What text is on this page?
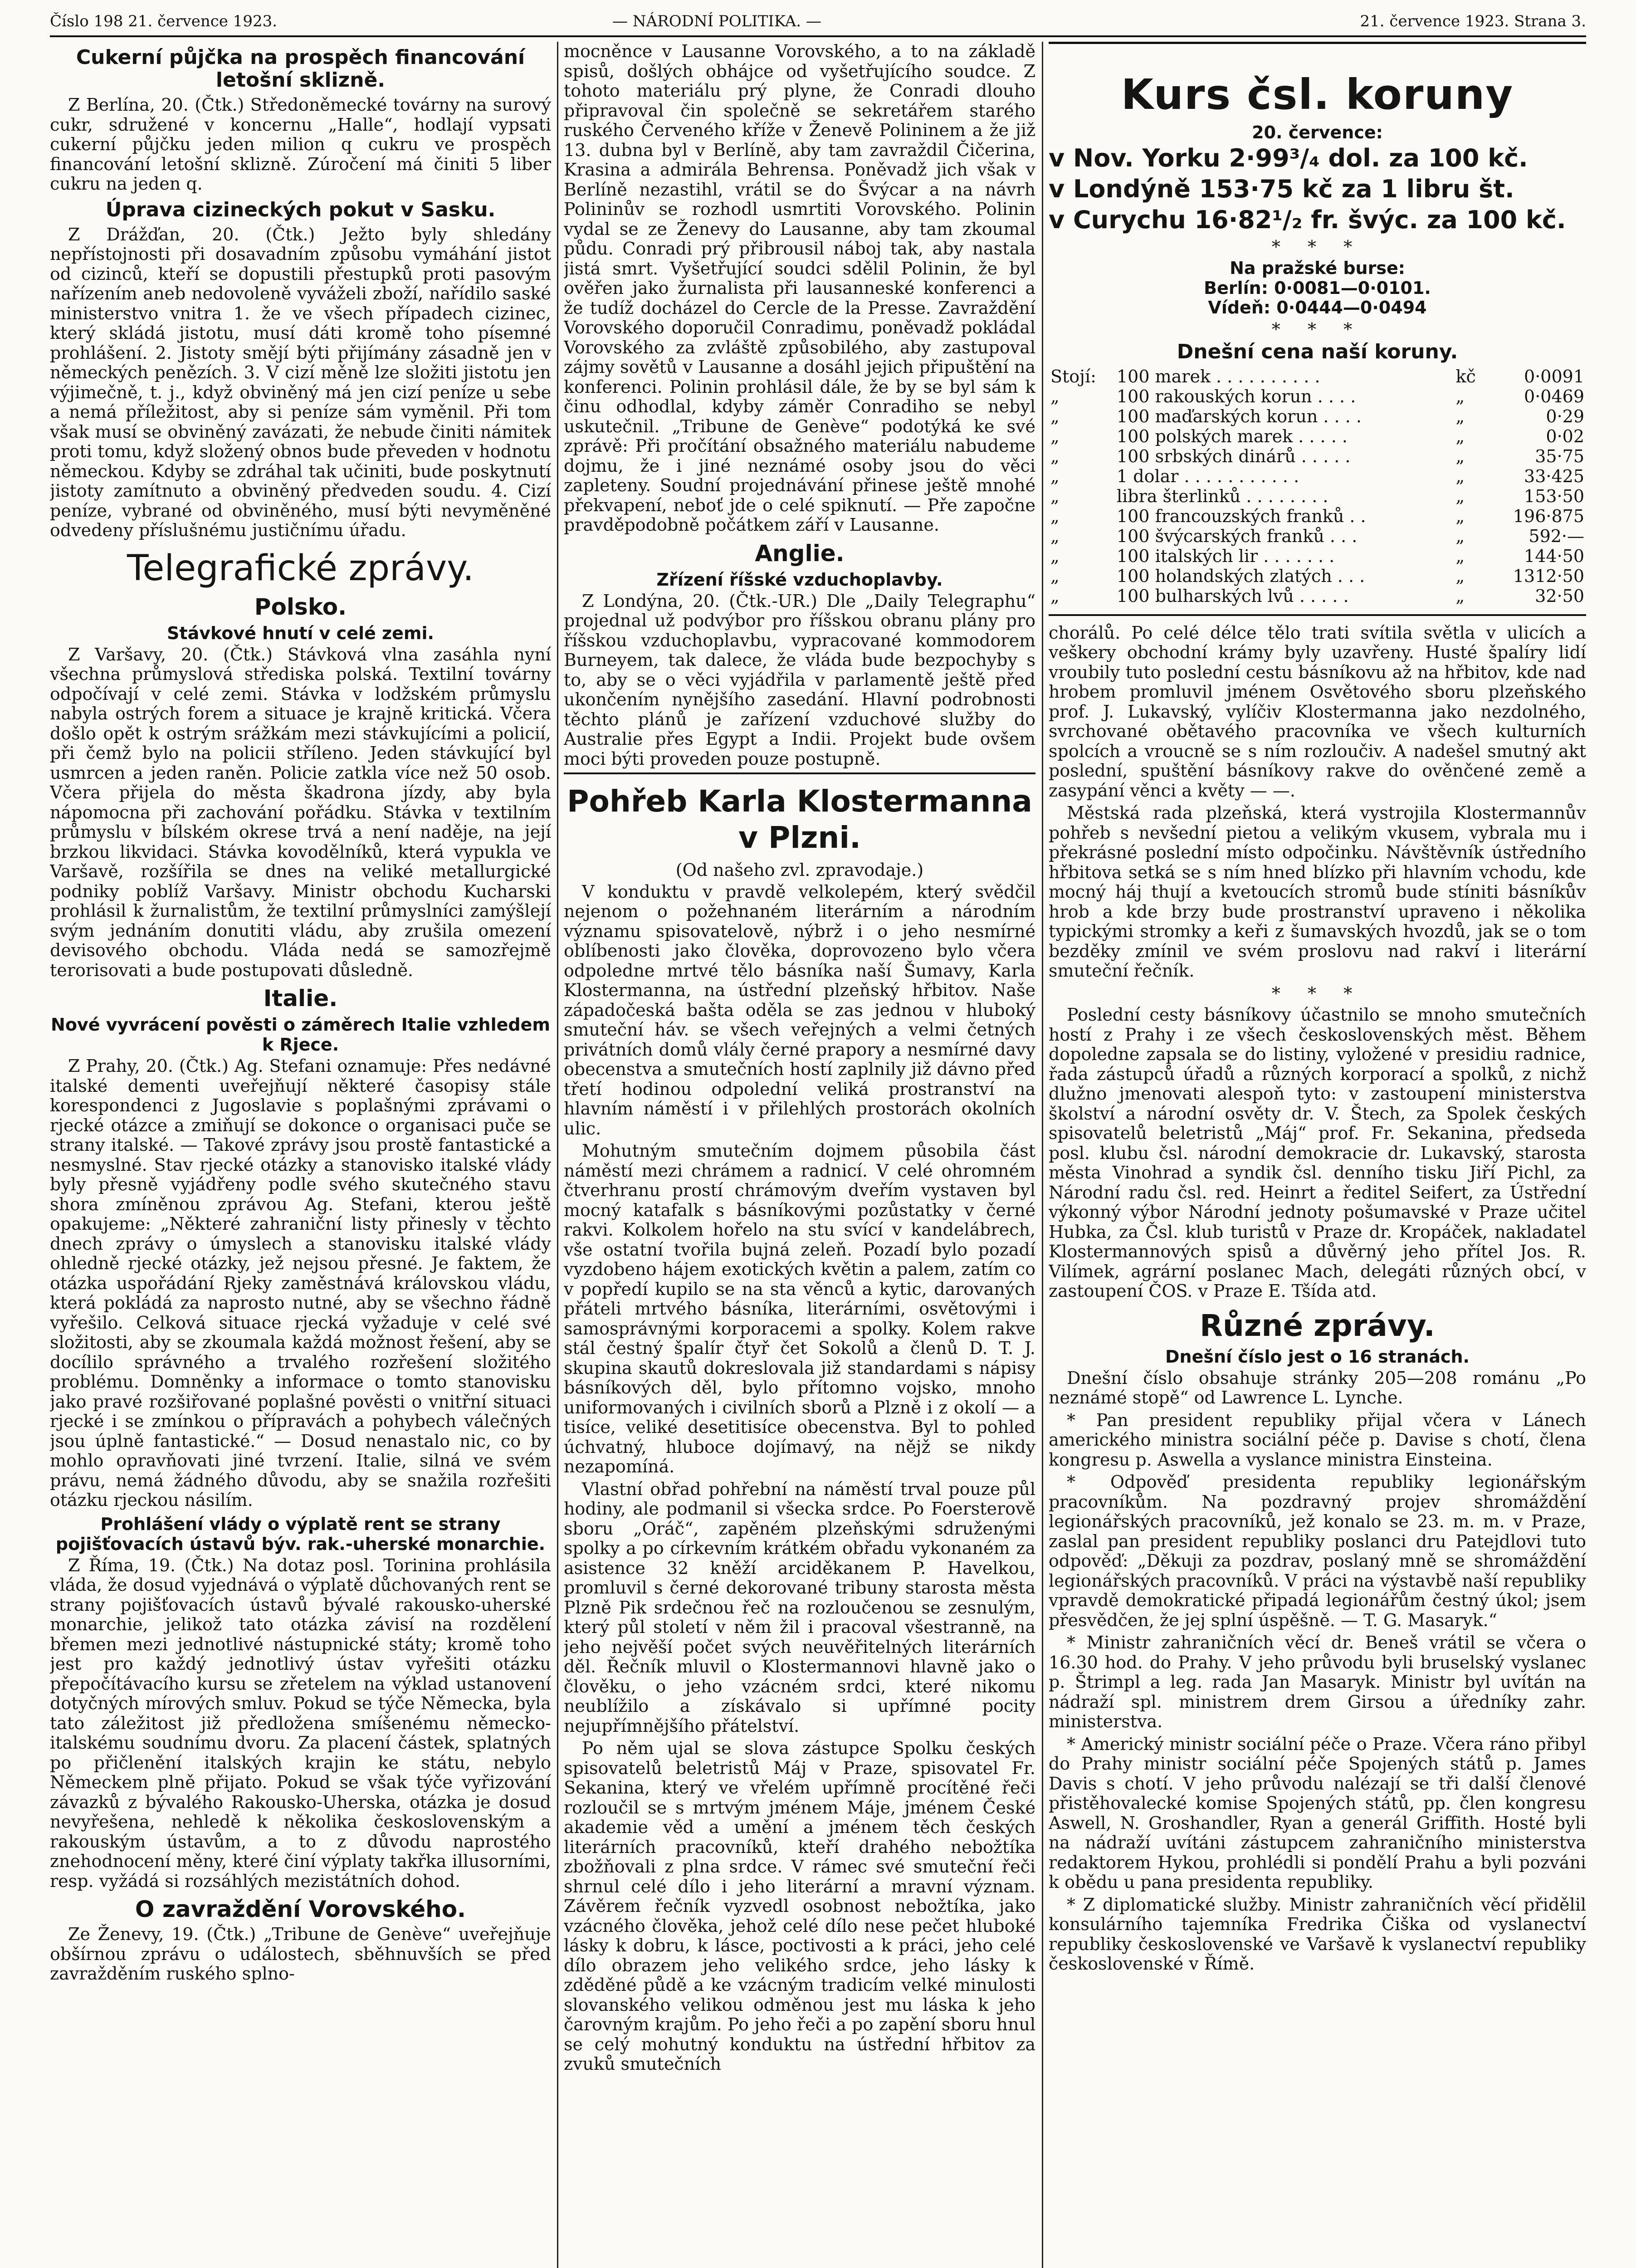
Číslo 198 21. července 1923.	— NÁRODNÍ POLITIKA. —	21. července 1923. Strana 3.
Cukerní půjčka na prospěch financování letošní sklizně.

Z Berlína, 20. (Čtk.) Středoněmecké továrny na surový cukr, sdružené v koncernu „Halle“, hodlají vypsati cukerní půjčku jeden milion q cukru ve prospěch financování letošní sklizně. Zúročení má činiti 5 liber cukru na jeden q.

Úprava cizineckých pokut v Sasku.

Z Drážďan, 20. (Čtk.) Ježto byly shledány nepřístojnosti při dosavadním způsobu vymáhání jistot od cizinců, kteří se dopustili přestupků proti pasovým nařízením aneb nedovoleně vyváželi zboží, nařídilo saské ministerstvo vnitra 1. že ve všech případech cizinec, který skládá jistotu, musí dáti kromě toho písemné prohlášení. 2. Jistoty smějí býti přijímány zásadně jen v německých penězích. 3. V cizí měně lze složiti jistotu jen výjimečně, t. j., když obviněný má jen cizí peníze u sebe a nemá příležitost, aby si peníze sám vyměnil. Při tom však musí se obviněný zavázati, že nebude činiti námitek proti tomu, když složený obnos bude převeden v hodnotu německou. Kdyby se zdráhal tak učiniti, bude poskytnutí jistoty zamítnuto a obviněný předveden soudu. 4. Cizí peníze, vybrané od obviněného, musí býti nevyměněné odvedeny příslušnému justičnímu úřadu.

Telegrafické zprávy.
Polsko.
Stávkové hnutí v celé zemi.

Z Varšavy, 20. (Čtk.) Stávková vlna zasáhla nyní všechna průmyslová střediska polská. Textilní továrny odpočívají v celé zemi. Stávka v lodžském průmyslu nabyla ostrých forem a situace je krajně kritická. Včera došlo opět k ostrým srážkám mezi stávkujícími a policií, při čemž bylo na policii stříleno. Jeden stávkující byl usmrcen a jeden raněn. Policie zatkla více než 50 osob. Včera přijela do města škadrona jízdy, aby byla nápomocna při zachování pořádku. Stávka v textilním průmyslu v bílském okrese trvá a není naděje, na její brzkou likvidaci. Stávka kovodělníků, která vypukla ve Varšavě, rozšířila se dnes na veliké metallurgické podniky poblíž Varšavy. Ministr obchodu Kucharski prohlásil k žurnalistům, že textilní průmyslníci zamýšlejí svým jednáním donutiti vládu, aby zrušila omezení devisového obchodu. Vláda nedá se samozřejmě terorisovati a bude postupovati důsledně.

Italie.
Nové vyvrácení pověsti o záměrech Italie vzhledem k Rjece.

Z Prahy, 20. (Čtk.) Ag. Stefani oznamuje: Přes nedávné italské dementi uveřejňují některé časopisy stále korespondenci z Jugoslavie s poplašnými zprávami o rjecké otázce a zmiňují se dokonce o organisaci puče se strany italské. — Takové zprávy jsou prostě fantastické a nesmyslné. Stav rjecké otázky a stanovisko italské vlády byly přesně vyjádřeny podle svého skutečného stavu shora zmíněnou zprávou Ag. Stefani, kterou ještě opakujeme: „Některé zahraniční listy přinesly v těchto dnech zprávy o úmyslech a stanovisku italské vlády ohledně rjecké otázky, jež nejsou přesné. Je faktem, že otázka uspořádání Rjeky zaměstnává královskou vládu, která pokládá za naprosto nutné, aby se všechno řádně vyřešilo. Celková situace rjecká vyžaduje v celé své složitosti, aby se zkoumala každá možnost řešení, aby se docílilo správného a trvalého rozřešení složitého problému. Domněnky a informace o tomto stanovisku jako pravé rozšiřované poplašné pověsti o vnitřní situaci rjecké i se zmínkou o přípravách a pohybech válečných jsou úplně fantastické.“ — Dosud nenastalo nic, co by mohlo opravňovati jiné tvrzení. Italie, silná ve svém právu, nemá žádného důvodu, aby se snažila rozřešiti otázku rjeckou násilím.

Prohlášení vlády o výplatě rent se strany pojišťovacích ústavů býv. rak.-uherské monarchie.

Z Říma, 19. (Čtk.) Na dotaz posl. Torinina prohlásila vláda, že dosud vyjednává o výplatě důchovaných rent se strany pojišťovacích ústavů bývalé rakousko-uherské monarchie, jelikož tato otázka závisí na rozdělení břemen mezi jednotlivé nástupnické státy; kromě toho jest pro každý jednotlivý ústav vyřešiti otázku přepočítávacího kursu se zřetelem na výklad ustanovení dotyčných mírových smluv. Pokud se týče Německa, byla tato záležitost již předložena smíšenému německo-italskému soudnímu dvoru. Za placení částek, splatných po přičlenění italských krajin ke státu, nebylo Německem plně přijato. Pokud se však týče vyřizování závazků z bývalého Rakousko-Uherska, otázka je dosud nevyřešena, nehledě k několika československým a rakouským ústavům, a to z důvodu naprostého znehodnocení měny, které činí výplaty takřka illusorními, resp. vyžádá si rozsáhlých mezistátních dohod.

O zavraždění Vorovského.

Ze Ženevy, 19. (Čtk.) „Tribune de Genève“ uveřejňuje obšírnou zprávu o událostech, sběhnuvších se před zavražděním ruského splno-

mocněnce v Lausanne Vorovského, a to na základě spisů, došlých obhájce od vyšetřujícího soudce. Z tohoto materiálu prý plyne, že Conradi dlouho připravoval čin společně se sekretářem starého ruského Červeného kříže v Ženevě Polininem a že již 13. dubna byl v Berlíně, aby tam zavraždil Čičerina, Krasina a admirála Behrensa. Poněvadž jich však v Berlíně nezastihl, vrátil se do Švýcar a na návrh Polininův se rozhodl usmrtiti Vorovského. Polinin vydal se ze Ženevy do Lausanne, aby tam zkoumal půdu. Conradi prý přibrousil náboj tak, aby nastala jistá smrt. Vyšetřující soudci sdělil Polinin, že byl ověřen jako žurnalista při lausanneské konferenci a že tudíž docházel do Cercle de la Presse. Zavraždění Vorovského doporučil Conradimu, poněvadž pokládal Vorovského za zvláště způsobilého, aby zastupoval zájmy sovětů v Lausanne a dosáhl jejich připuštění na konferenci. Polinin prohlásil dále, že by se byl sám k činu odhodlal, kdyby záměr Conradiho se nebyl uskutečnil. „Tribune de Genève“ podotýká ke své zprávě: Při pročítání obsažného materiálu nabudeme dojmu, že i jiné neznámé osoby jsou do věci zapleteny. Soudní projednávání přinese ještě mnohé překvapení, neboť jde o celé spiknutí. — Pře započne pravděpodobně počátkem září v Lausanne.

Anglie.
Zřízení říšské vzduchoplavby.

Z Londýna, 20. (Čtk.-UR.) Dle „Daily Telegraphu“ projednal už podvýbor pro říšskou obranu plány pro říšskou vzduchoplavbu, vypracované kommodorem Burneyem, tak dalece, že vláda bude bezpochyby s to, aby se o věci vyjádřila v parlamentě ještě před ukončením nynějšího zasedání. Hlavní podrobnosti těchto plánů je zařízení vzduchové služby do Australie přes Egypt a Indii. Projekt bude ovšem moci býti proveden pouze postupně.

Pohřeb Karla Klostermanna v Plzni.
(Od našeho zvl. zpravodaje.)

V konduktu v pravdě velkolepém, který svědčil nejenom o požehnaném literárním a národním významu spisovatelově, nýbrž i o jeho nesmírné oblíbenosti jako člověka, doprovozeno bylo včera odpoledne mrtvé tělo básníka naší Šumavy, Karla Klostermanna, na ústřední plzeňský hřbitov. Naše západočeská bašta oděla se zas jednou v hluboký smuteční háv. se všech veřejných a velmi četných privátních domů vlály černé prapory a nesmírné davy obecenstva a smutečních hostí zaplnily již dávno před třetí hodinou odpolední veliká prostranství na hlavním náměstí i v přilehlých prostorách okolních ulic.

Mohutným smutečním dojmem působila část náměstí mezi chrámem a radnicí. V celé ohromném čtverhranu prostí chrámovým dveřím vystaven byl mocný katafalk s básníkovými pozůstatky v černé rakvi. Kolkolem hořelo na stu svící v kandelábrech, vše ostatní tvořila bujná zeleň. Pozadí bylo pozadí vyzdobeno hájem exotických květin a palem, zatím co v popředí kupilo se na sta věnců a kytic, darovaných přáteli mrtvého básníka, literárními, osvětovými i samosprávnými korporacemi a spolky. Kolem rakve stál čestný špalír čtyř čet Sokolů a členů D. T. J. skupina skautů dokreslovala již standardami s nápisy básníkových děl, bylo přítomno vojsko, mnoho uniformovaných i civilních sborů a Plzně i z okolí — a tisíce, veliké desetitisíce obecenstva. Byl to pohled úchvatný, hluboce dojímavý, na nějž se nikdy nezapomíná.

Vlastní obřad pohřební na náměstí trval pouze půl hodiny, ale podmanil si všecka srdce. Po Foersterově sboru „Oráč“, zapěném plzeňskými sdruženými spolky a po církevním krátkém obřadu vykonaném za asistence 32 kněží arciděkanem P. Havelkou, promluvil s černé dekorované tribuny starosta města Plzně Pik srdečnou řeč na rozloučenou se zesnulým, který půl století v něm žil i pracoval všestranně, na jeho nejvěší počet svých neuvěřitelných literárních děl. Řečník mluvil o Klostermannovi hlavně jako o člověku, o jeho vzácném srdci, které nikomu neublížilo a získávalo si upřímné pocity nejupřímnějšího přátelství.

Po něm ujal se slova zástupce Spolku českých spisovatelů beletristů Máj v Praze, spisovatel Fr. Sekanina, který ve vřelém upřímně procítěné řeči rozloučil se s mrtvým jménem Máje, jménem České akademie věd a umění a jménem těch českých literárních pracovníků, kteří drahého nebožtíka zbožňovali z plna srdce. V rámec své smuteční řeči shrnul celé dílo i jeho literární a mravní význam. Závěrem řečník vyzvedl osobnost nebožtíka, jako vzácného člověka, jehož celé dílo nese pečet hluboké lásky k dobru, k lásce, poctivosti a k práci, jeho celé dílo obrazem jeho velikého srdce, jeho lásky k zděděné půdě a ke vzácným tradicím velké minulosti slovanského velikou odměnou jest mu láska k jeho čarovným krajům. Po jeho řeči a po zapění sboru hnul se celý mohutný konduktu na ústřední hřbitov za zvuků smutečních

Kurs čsl. koruny
20. července:
v Nov. Yorku 2·99³/₄ dol. za 100 kč.
v Londýně 153·75 kč za 1 libru št.
v Curychu 16·82¹/₂ fr. švýc. za 100 kč.
* * *
Na pražské burse:
Berlín: 0·0081—0·0101.
Vídeň: 0·0444—0·0494
* * *
Dnešní cena naší koruny.
Stojí:	100 marek . . . . . . . . . .	kč	0·0091
„	100 rakouských korun . . . .	„	0·0469
„	100 maďarských korun . . . .	„	0·29
„	100 polských marek . . . . .	„	0·02
„	100 srbských dinárů . . . . .	„	35·75
„	1 dolar . . . . . . . . . . .	„	33·425
„	libra šterlinků . . . . . . . .	„	153·50
„	100 francouzských franků . .	„	196·875
„	100 švýcarských franků . . .	„	592·—
„	100 italských lir . . . . . . .	„	144·50
„	100 holandských zlatých . . .	„	1312·50
„	100 bulharských lvů . . . . .	„	32·50

chorálů. Po celé délce tělo trati svítila světla v ulicích a veškery obchodní krámy byly uzavřeny. Husté špalíry lidí vroubily tuto poslední cestu básníkovu až na hřbitov, kde nad hrobem promluvil jménem Osvětového sboru plzeňského prof. J. Lukavský, vylíčiv Klostermanna jako nezdolného, svrchované obětavého pracovníka ve všech kulturních spolcích a vroucně se s ním rozloučiv. A nadešel smutný akt poslední, spuštění básníkovy rakve do ověnčené země a zasypání věnci a květy — —.

Městská rada plzeňská, která vystrojila Klostermannův pohřeb s nevšední pietou a velikým vkusem, vybrala mu i překrásné poslední místo odpočinku. Návštěvník ústředního hřbitova setká se s ním hned blízko při hlavním vchodu, kde mocný háj thují a kvetoucích stromů bude stíniti básníkův hrob a kde brzy bude prostranství upraveno i několika typickými stromky a keři z šumavských hvozdů, jak se o tom bezděky zmínil ve svém proslovu nad rakví i literární smuteční řečník.

* * *

Poslední cesty básníkovy účastnilo se mnoho smutečních hostí z Prahy i ze všech československých měst. Během dopoledne zapsala se do listiny, vyložené v presidiu radnice, řada zástupců úřadů a různých korporací a spolků, z nichž dlužno jmenovati alespoň tyto: v zastoupení ministerstva školství a národní osvěty dr. V. Štech, za Spolek českých spisovatelů beletristů „Máj“ prof. Fr. Sekanina, předseda posl. klubu čsl. národní demokracie dr. Lukavský, starosta města Vinohrad a syndik čsl. denního tisku Jiří Pichl, za Národní radu čsl. red. Heinrt a ředitel Seifert, za Ústřední výkonný výbor Národní jednoty pošumavské v Praze učitel Hubka, za Čsl. klub turistů v Praze dr. Kropáček, nakladatel Klostermannových spisů a důvěrný jeho přítel Jos. R. Vilímek, agrární poslanec Mach, delegáti různých obcí, v zastoupení ČOS. v Praze E. Tšída atd.

Různé zprávy.
Dnešní číslo jest o 16 stranách.

Dnešní číslo obsahuje stránky 205—208 románu „Po neznámé stopě“ od Lawrence L. Lynche.

* Pan president republiky přijal včera v Lánech amerického ministra sociální péče p. Davise s chotí, člena kongresu p. Aswella a vyslance ministra Einsteina.

* Odpověď presidenta republiky legionářským pracovníkům. Na pozdravný projev shromáždění legionářských pracovníků, jež konalo se 23. m. m. v Praze, zaslal pan president republiky poslanci dru Patejdlovi tuto odpověď: „Děkuji za pozdrav, poslaný mně se shromáždění legionářských pracovníků. V práci na výstavbě naší republiky vpravdě demokratické připadá legionářům čestný úkol; jsem přesvědčen, že jej splní úspěšně. — T. G. Masaryk.“

* Ministr zahraničních věcí dr. Beneš vrátil se včera o 16.30 hod. do Prahy. V jeho průvodu byli bruselský vyslanec p. Štrimpl a leg. rada Jan Masaryk. Ministr byl uvítán na nádraží spl. ministrem drem Girsou a úředníky zahr. ministerstva.

* Americký ministr sociální péče o Praze. Včera ráno přibyl do Prahy ministr sociální péče Spojených států p. James Davis s chotí. V jeho průvodu nalézají se tři další členové přistěhovalecké komise Spojených států, pp. člen kongresu Aswell, N. Groshandler, Ryan a generál Griffith. Hosté byli na nádraží uvítáni zástupcem zahraničního ministerstva redaktorem Hykou, prohlédli si pondělí Prahu a byli pozváni k obědu u pana presidenta republiky.

* Z diplomatické služby. Ministr zahraničních věcí přidělil konsulárního tajemníka Fredrika Čiška od vyslanectví republiky československé ve Varšavě k vyslanectví republiky československé v Římě.
